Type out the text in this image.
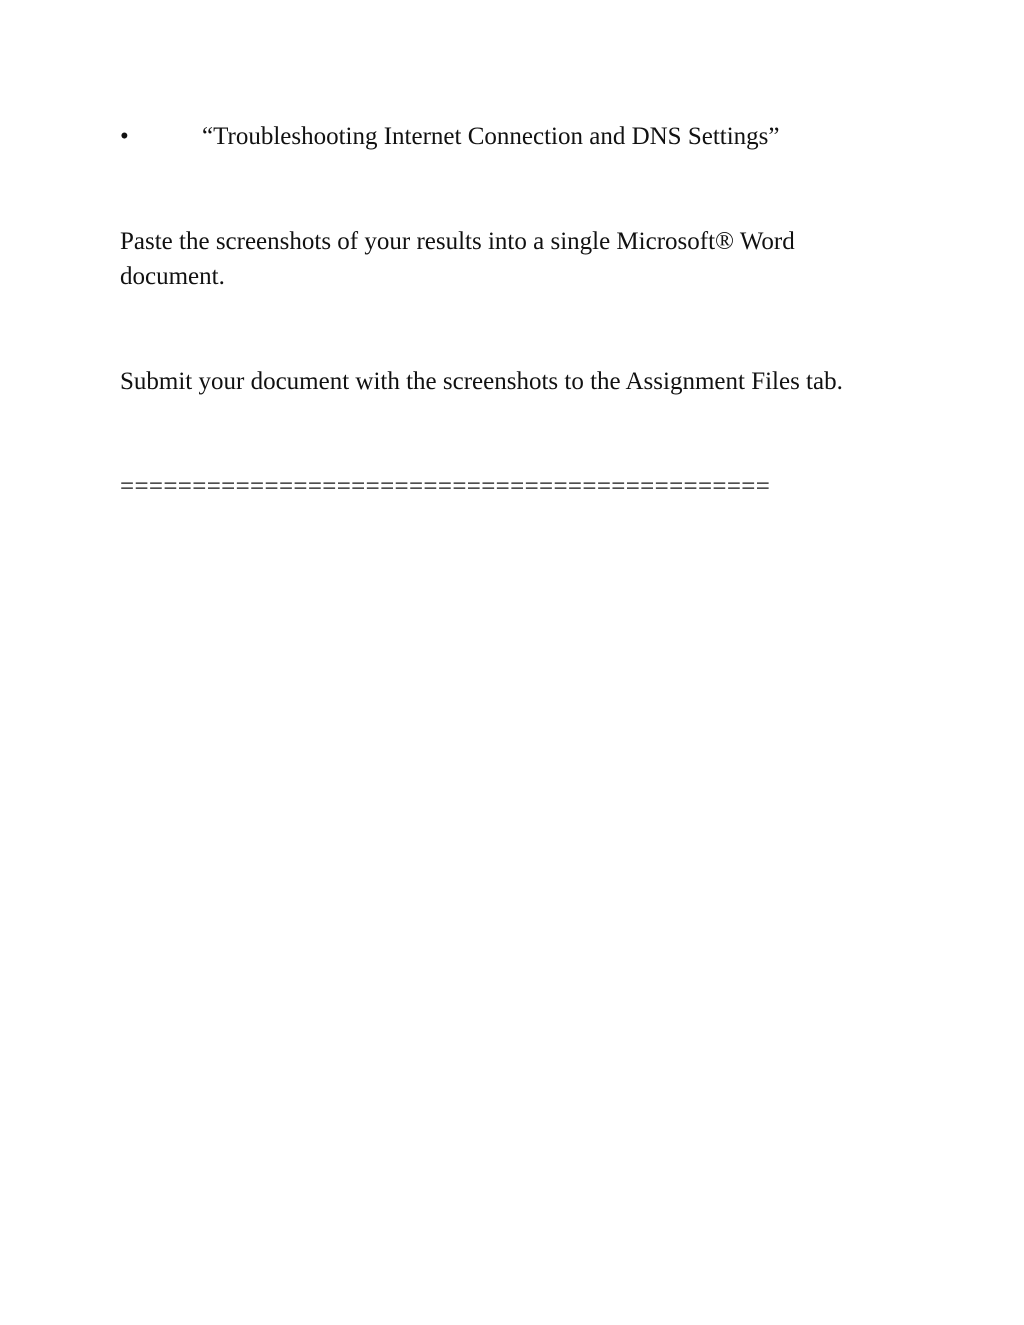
•	“Troubleshooting Internet Connection and DNS Settings”
Paste the screenshots of your results into a single Microsoft® Word document.
Submit your document with the screenshots to the Assignment Files tab.
=============================================
